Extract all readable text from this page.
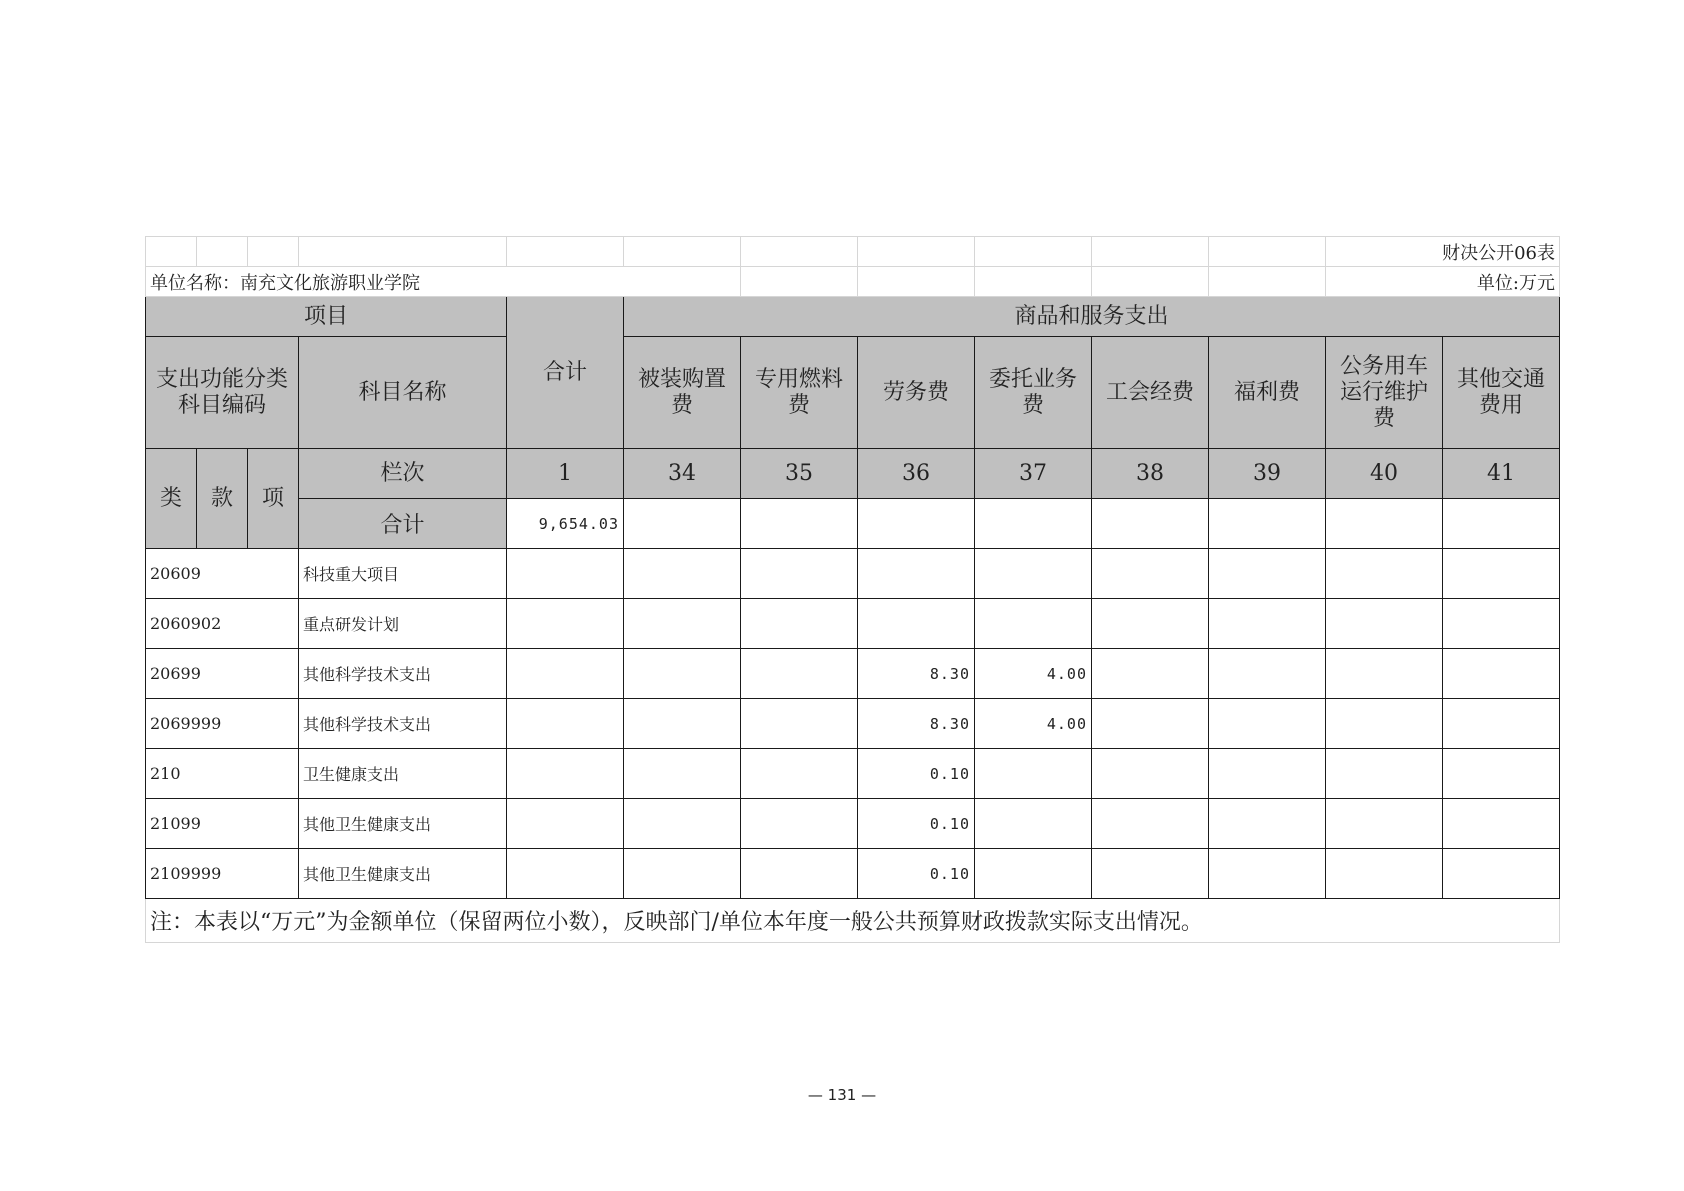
											财决公开06表	
单位名称：南充文化旅游职业学院											单位:万元	
项目				合计	商品和服务支出							
支出功能分类科目编码			科目名称		被装购置费	专用燃料费	劳务费	委托业务费	工会经费	福利费	公务用车运行维护费	其他交通费用
类	款	项	栏次	1	34	35	36	37	38	39	40	41
			合计	9,654.03								
20609			科技重大项目									
2060902			重点研发计划									
20699			其他科学技术支出				8.30	4.00				
2069999			其他科学技术支出				8.30	4.00				
210			卫生健康支出				0.10					
21099			其他卫生健康支出				0.10					
2109999			其他卫生健康支出				0.10					
注：本表以“万元”为金额单位（保留两位小数），反映部门/单位本年度一般公共预算财政拨款实际支出情况。												
— 131 —
